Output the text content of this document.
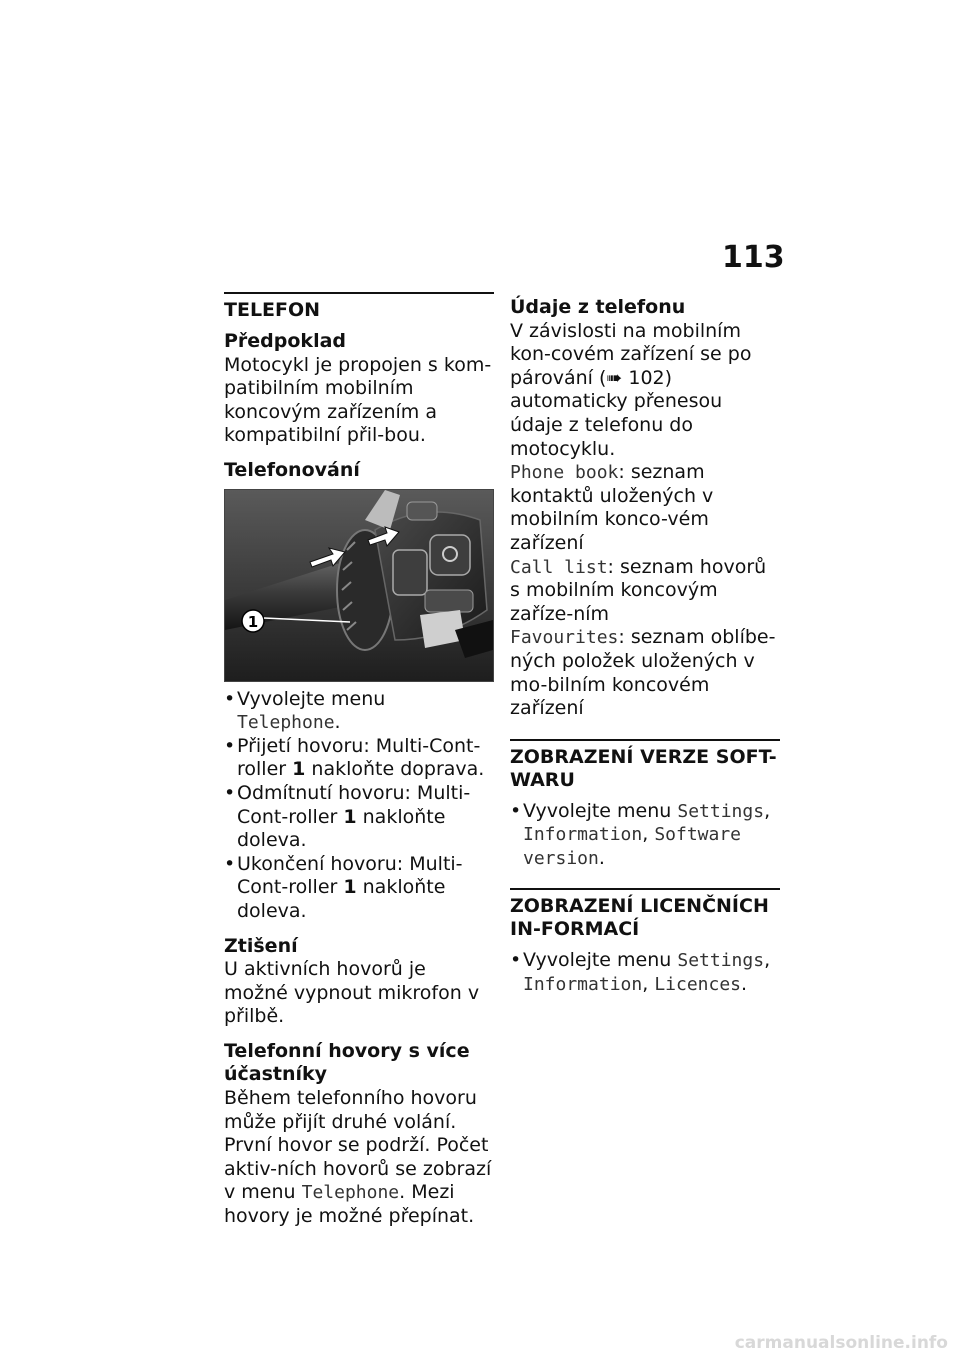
113
TELEFON
Předpoklad

Motocykl je propojen s kom-patibilním mobilním koncovým zařízením a kompatibilní přil-bou.

Telefonování
1
• Vyvolejte menu Telephone.
• Přijetí hovoru: Multi-Cont-roller 1 nakloňte doprava.
• Odmítnutí hovoru: Multi-Cont-roller 1 nakloňte doleva.
• Ukončení hovoru: Multi-Cont-roller 1 nakloňte doleva.
Ztišení

U aktivních hovorů je možné vypnout mikrofon v přilbě.

Telefonní hovory s více účastníky

Během telefonního hovoru může přijít druhé volání. První hovor se podrží. Počet aktiv-ních hovorů se zobrazí v menu Telephone. Mezi hovory je možné přepínat.

Údaje z telefonu

V závislosti na mobilním kon-covém zařízení se po párování (➠ 102) automaticky přenesou údaje z telefonu do motocyklu.

Phone book: seznam kontaktů uložených v mobilním konco-vém zařízení

Call list: seznam hovorů s mobilním koncovým zaříze-ním

Favourites: seznam oblíbe-ných položek uložených v mo-bilním koncovém zařízení

ZOBRAZENÍ VERZE SOFT-WARU
• Vyvolejte menu Settings, Information, Software version.
ZOBRAZENÍ LICENČNÍCH IN-FORMACÍ
• Vyvolejte menu Settings, Information, Licences.
carmanualsonline.info
